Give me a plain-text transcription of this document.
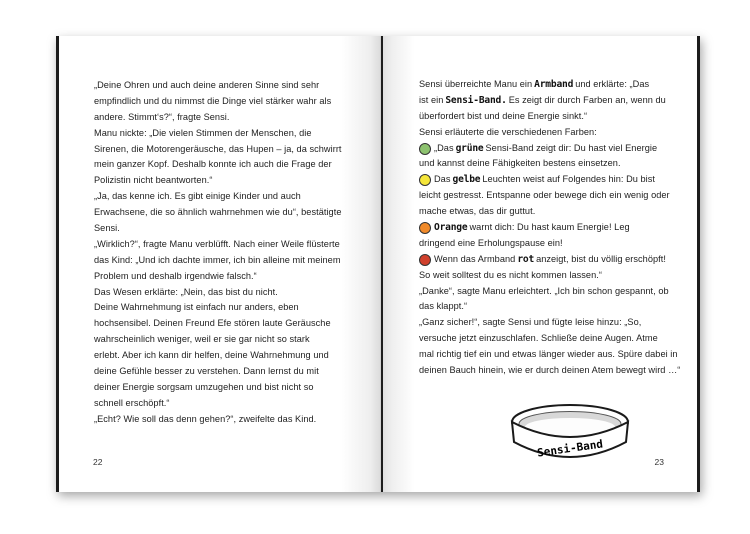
„Deine Ohren und auch deine anderen Sinne sind sehr
empfindlich und du nimmst die Dinge viel stärker wahr als
andere. Stimmt‘s?“, fragte Sensi.
Manu nickte: „Die vielen Stimmen der Menschen, die
Sirenen, die Motorengeräusche, das Hupen – ja, da schwirrt
mein ganzer Kopf. Deshalb konnte ich auch die Frage der
Polizistin nicht beantworten.“
„Ja, das kenne ich. Es gibt einige Kinder und auch
Erwachsene, die so ähnlich wahrnehmen wie du“, bestätigte
Sensi.
„Wirklich?“, fragte Manu verblüfft. Nach einer Weile flüsterte
das Kind: „Und ich dachte immer, ich bin alleine mit meinem
Problem und deshalb irgendwie falsch.“
Das Wesen erklärte: „Nein, das bist du nicht.
Deine Wahrnehmung ist einfach nur anders, eben
hochsensibel. Deinen Freund Efe stören laute Geräusche
wahrscheinlich weniger, weil er sie gar nicht so stark
erlebt. Aber ich kann dir helfen, deine Wahrnehmung und
deine Gefühle besser zu verstehen. Dann lernst du mit
deiner Energie sorgsam umzugehen und bist nicht so
schnell erschöpft.“
„Echt? Wie soll das denn gehen?“, zweifelte das Kind.
22
Sensi überreichte Manu ein Armband und erklärte: „Das
ist ein Sensi-Band. Es zeigt dir durch Farben an, wenn du
überfordert bist und deine Energie sinkt.“
Sensi erläuterte die verschiedenen Farben:
„Das grüne Sensi-Band zeigt dir: Du hast viel Energie
und kannst deine Fähigkeiten bestens einsetzen.
Das gelbe Leuchten weist auf Folgendes hin: Du bist
leicht gestresst. Entspanne oder bewege dich ein wenig oder
mache etwas, das dir guttut.
Orange warnt dich: Du hast kaum Energie! Leg
dringend eine Erholungspause ein!
Wenn das Armband rot anzeigt, bist du völlig erschöpft!
So weit solltest du es nicht kommen lassen.“
„Danke“, sagte Manu erleichtert. „Ich bin schon gespannt, ob
das klappt.“
„Ganz sicher!“, sagte Sensi und fügte leise hinzu: „So,
versuche jetzt einzuschlafen. Schließe deine Augen. Atme
mal richtig tief ein und etwas länger wieder aus. Spüre dabei in
deinen Bauch hinein, wie er durch deinen Atem bewegt wird …“
Sensi-Band
23
